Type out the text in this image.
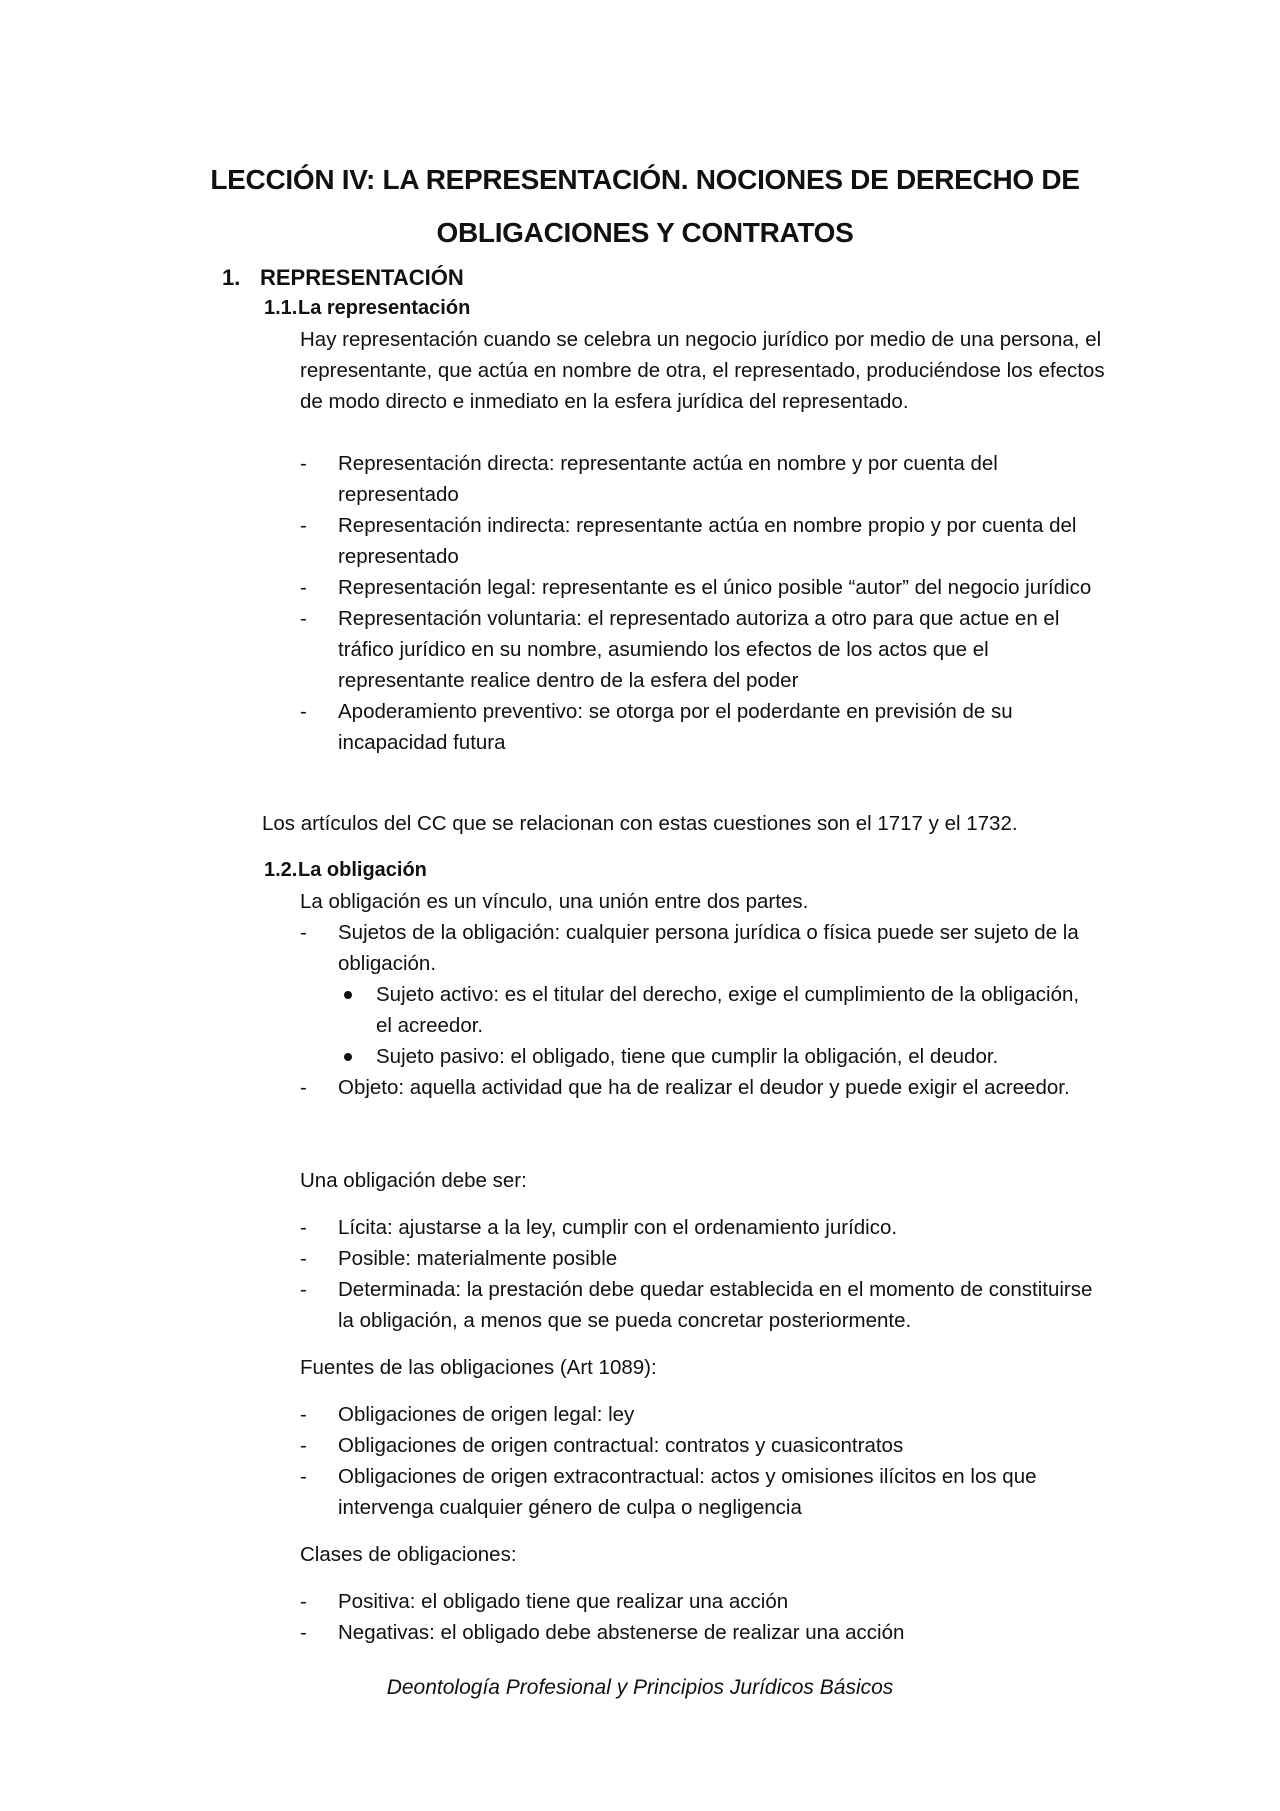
LECCIÓN IV: LA REPRESENTACIÓN. NOCIONES DE DERECHO DE OBLIGACIONES Y CONTRATOS
1. REPRESENTACIÓN
1.1.La representación
Hay representación cuando se celebra un negocio jurídico por medio de una persona, el representante, que actúa en nombre de otra, el representado, produciéndose los efectos de modo directo e inmediato en la esfera jurídica del representado.
- Representación directa: representante actúa en nombre y por cuenta del representado
- Representación indirecta: representante actúa en nombre propio y por cuenta del representado
- Representación legal: representante es el único posible “autor” del negocio jurídico
- Representación voluntaria: el representado autoriza a otro para que actue en el tráfico jurídico en su nombre, asumiendo los efectos de los actos que el representante realice dentro de la esfera del poder
- Apoderamiento preventivo: se otorga por el poderdante en previsión de su incapacidad futura
Los artículos del CC que se relacionan con estas cuestiones son el 1717 y el 1732.
1.2.La obligación
La obligación es un vínculo, una unión entre dos partes.
- Sujetos de la obligación: cualquier persona jurídica o física puede ser sujeto de la obligación.
Sujeto activo: es el titular del derecho, exige el cumplimiento de la obligación, el acreedor.
Sujeto pasivo: el obligado, tiene que cumplir la obligación, el deudor.
- Objeto: aquella actividad que ha de realizar el deudor y puede exigir el acreedor.
Una obligación debe ser:
- Lícita: ajustarse a la ley, cumplir con el ordenamiento jurídico.
- Posible: materialmente posible
- Determinada: la prestación debe quedar establecida en el momento de constituirse la obligación, a menos que se pueda concretar posteriormente.
Fuentes de las obligaciones (Art 1089):
- Obligaciones de origen legal: ley
- Obligaciones de origen contractual: contratos y cuasicontratos
- Obligaciones de origen extracontractual: actos y omisiones ilícitos en los que intervenga cualquier género de culpa o negligencia
Clases de obligaciones:
- Positiva: el obligado tiene que realizar una acción
- Negativas: el obligado debe abstenerse de realizar una acción
Deontología Profesional y Principios Jurídicos Básicos
